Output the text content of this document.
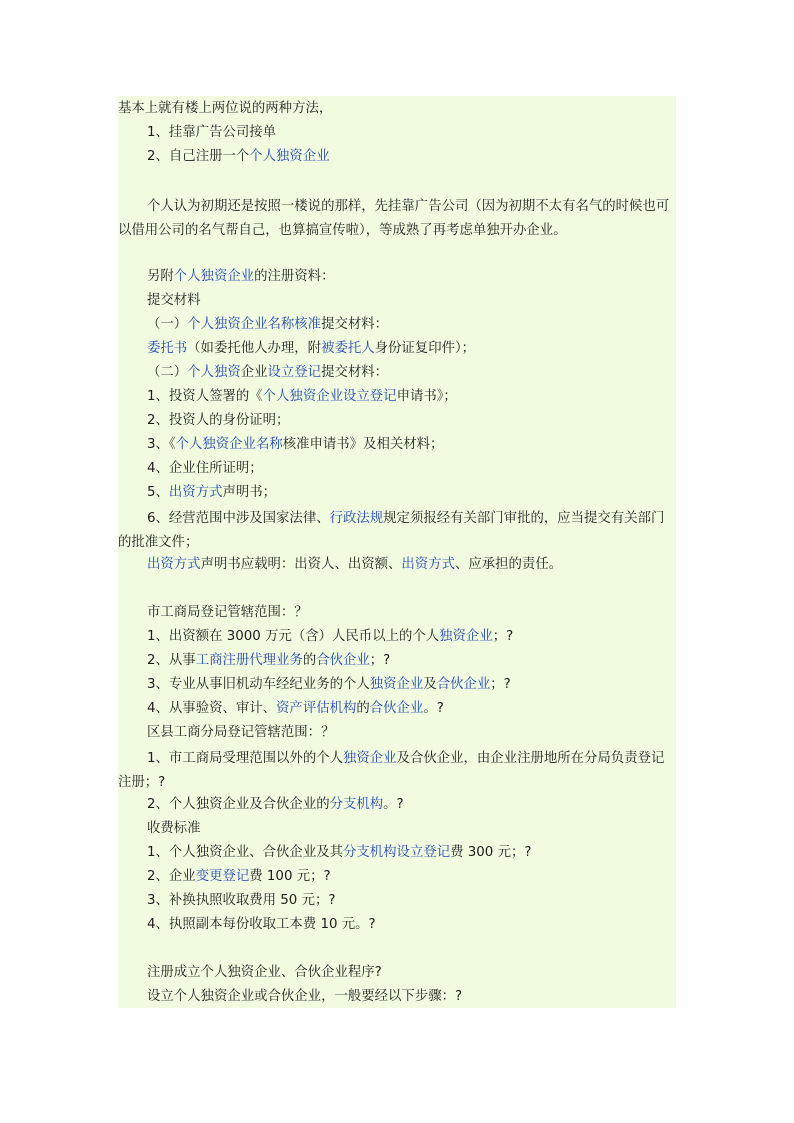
基本上就有楼上两位说的两种方法，
1、挂靠广告公司接单
2、自己注册一个个人独资企业
个人认为初期还是按照一楼说的那样，先挂靠广告公司（因为初期不太有名气的时候也可以借用公司的名气帮自己，也算搞宣传啦），等成熟了再考虑单独开办企业。
另附个人独资企业的注册资料：
提交材料
（一）个人独资企业名称核准提交材料：
委托书（如委托他人办理，附被委托人身份证复印件）；
（二）个人独资企业设立登记提交材料：
1、投资人签署的《个人独资企业设立登记申请书》；
2、投资人的身份证明；
3、《个人独资企业名称核准申请书》及相关材料；
4、企业住所证明；
5、出资方式声明书；
6、经营范围中涉及国家法律、行政法规规定须报经有关部门审批的，应当提交有关部门的批准文件；
出资方式声明书应载明：出资人、出资额、出资方式、应承担的责任。
市工商局登记管辖范围：？
1、出资额在 3000 万元（含）人民币以上的个人独资企业；?
2、从事工商注册代理业务的合伙企业；?
3、专业从事旧机动车经纪业务的个人独资企业及合伙企业；?
4、从事验资、审计、资产评估机构的合伙企业。?
区县工商分局登记管辖范围：？
1、市工商局受理范围以外的个人独资企业及合伙企业，由企业注册地所在分局负责登记注册；?
2、个人独资企业及合伙企业的分支机构。?
收费标准
1、个人独资企业、合伙企业及其分支机构设立登记费 300 元；?
2、企业变更登记费 100 元；?
3、补换执照收取费用 50 元；?
4、执照副本每份收取工本费 10 元。?
注册成立个人独资企业、合伙企业程序?
设立个人独资企业或合伙企业，一般要经以下步骤：?
